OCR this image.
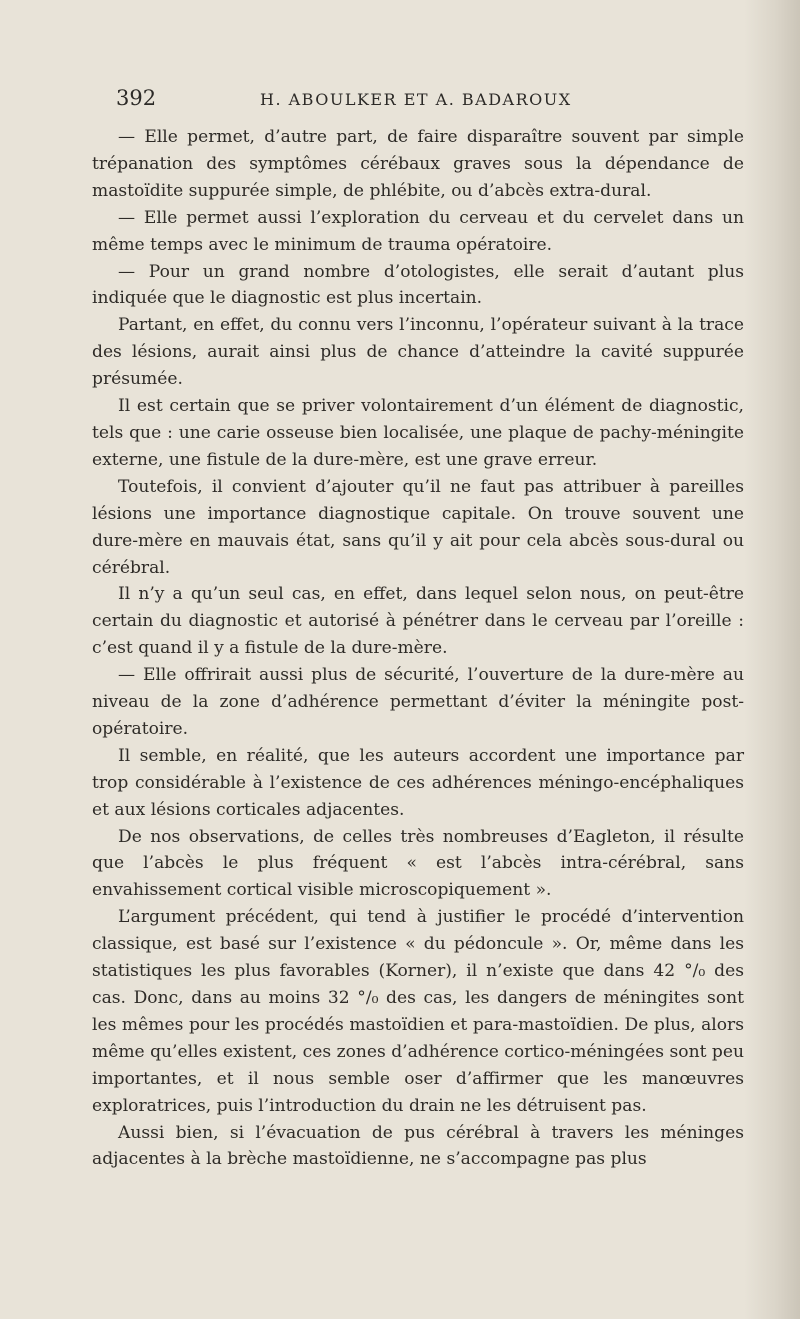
392	H. ABOULKER ET A. BADAROUX

— Elle permet, d’autre part, de faire disparaître souvent par simple trépanation des symptômes cérébaux graves sous la dépendance de mastoïdite suppurée simple, de phlébite, ou d’abcès extra-dural.

— Elle permet aussi l’exploration du cerveau et du cervelet dans un même temps avec le minimum de trauma opératoire.

— Pour un grand nombre d’otologistes, elle serait d’autant plus indiquée que le diagnostic est plus incertain.

Partant, en effet, du connu vers l’inconnu, l’opérateur suivant à la trace des lésions, aurait ainsi plus de chance d’atteindre la cavité suppurée présumée.

Il est certain que se priver volontairement d’un élément de diagnostic, tels que : une carie osseuse bien localisée, une plaque de pachy-méningite externe, une fistule de la dure-mère, est une grave erreur.

Toutefois, il convient d’ajouter qu’il ne faut pas attribuer à pareilles lésions une importance diagnostique capitale. On trouve souvent une dure-mère en mauvais état, sans qu’il y ait pour cela abcès sous-dural ou cérébral.

Il n’y a qu’un seul cas, en effet, dans lequel selon nous, on peut-être certain du diagnostic et autorisé à pénétrer dans le cerveau par l’oreille : c’est quand il y a fistule de la dure-mère.

— Elle offrirait aussi plus de sécurité, l’ouverture de la dure-mère au niveau de la zone d’adhérence permettant d’éviter la méningite post-opératoire.

Il semble, en réalité, que les auteurs accordent une importance par trop considérable à l’existence de ces adhérences méningo-encéphaliques et aux lésions corticales adjacentes.

De nos observations, de celles très nombreuses d’Eagleton, il résulte que l’abcès le plus fréquent « est l’abcès intra-cérébral, sans envahissement cortical visible microscopiquement ».

L’argument précédent, qui tend à justifier le procédé d’intervention classique, est basé sur l’existence « du pédoncule ». Or, même dans les statistiques les plus favorables (Korner), il n’existe que dans 42 °/₀ des cas. Donc, dans au moins 32 °/₀ des cas, les dangers de méningites sont les mêmes pour les procédés mastoïdien et para-mastoïdien. De plus, alors même qu’elles existent, ces zones d’adhérence cortico-méningées sont peu importantes, et il nous semble oser d’affirmer que les manœuvres exploratrices, puis l’introduction du drain ne les détruisent pas.

Aussi bien, si l’évacuation de pus cérébral à travers les méninges adjacentes à la brèche mastoïdienne, ne s’accompagne pas plus
